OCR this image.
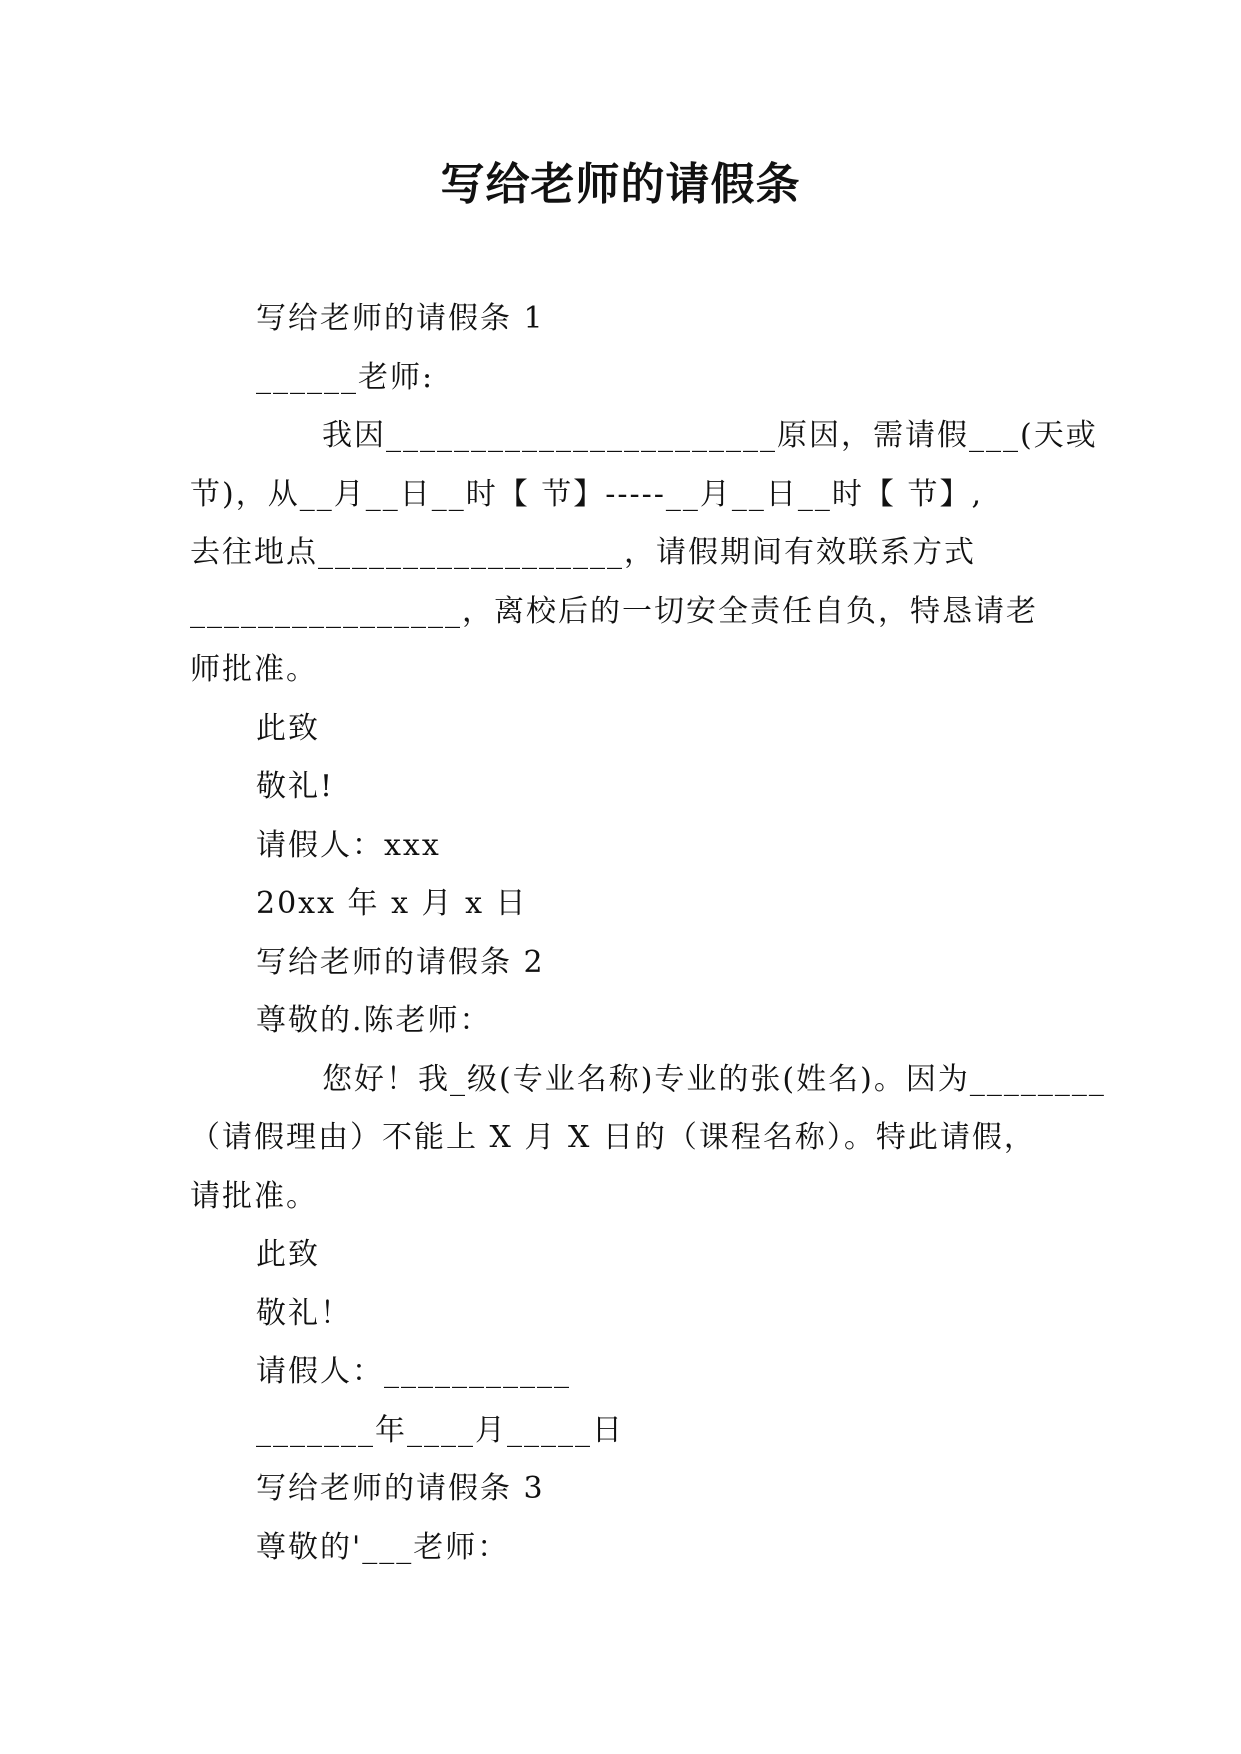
写给老师的请假条

写给老师的请假条 1

______老师:

我因_______________________原因，需请假___(天或
节)，从__月__日__时【 节】-----__月__日__时【 节】,
去往地点__________________，请假期间有效联系方式
________________，离校后的一切安全责任自负，特恳请老
师批准。

此致

敬礼!

请假人：xxx

20xx 年 x 月 x 日

写给老师的请假条 2

尊敬的.陈老师：

您好！我_级(专业名称)专业的张(姓名)。因为________
（请假理由）不能上 X 月 X 日的（课程名称）。特此请假，
请批准。

此致

敬礼！

请假人：___________

_______年____月_____日

写给老师的请假条 3

尊敬的'___老师：
